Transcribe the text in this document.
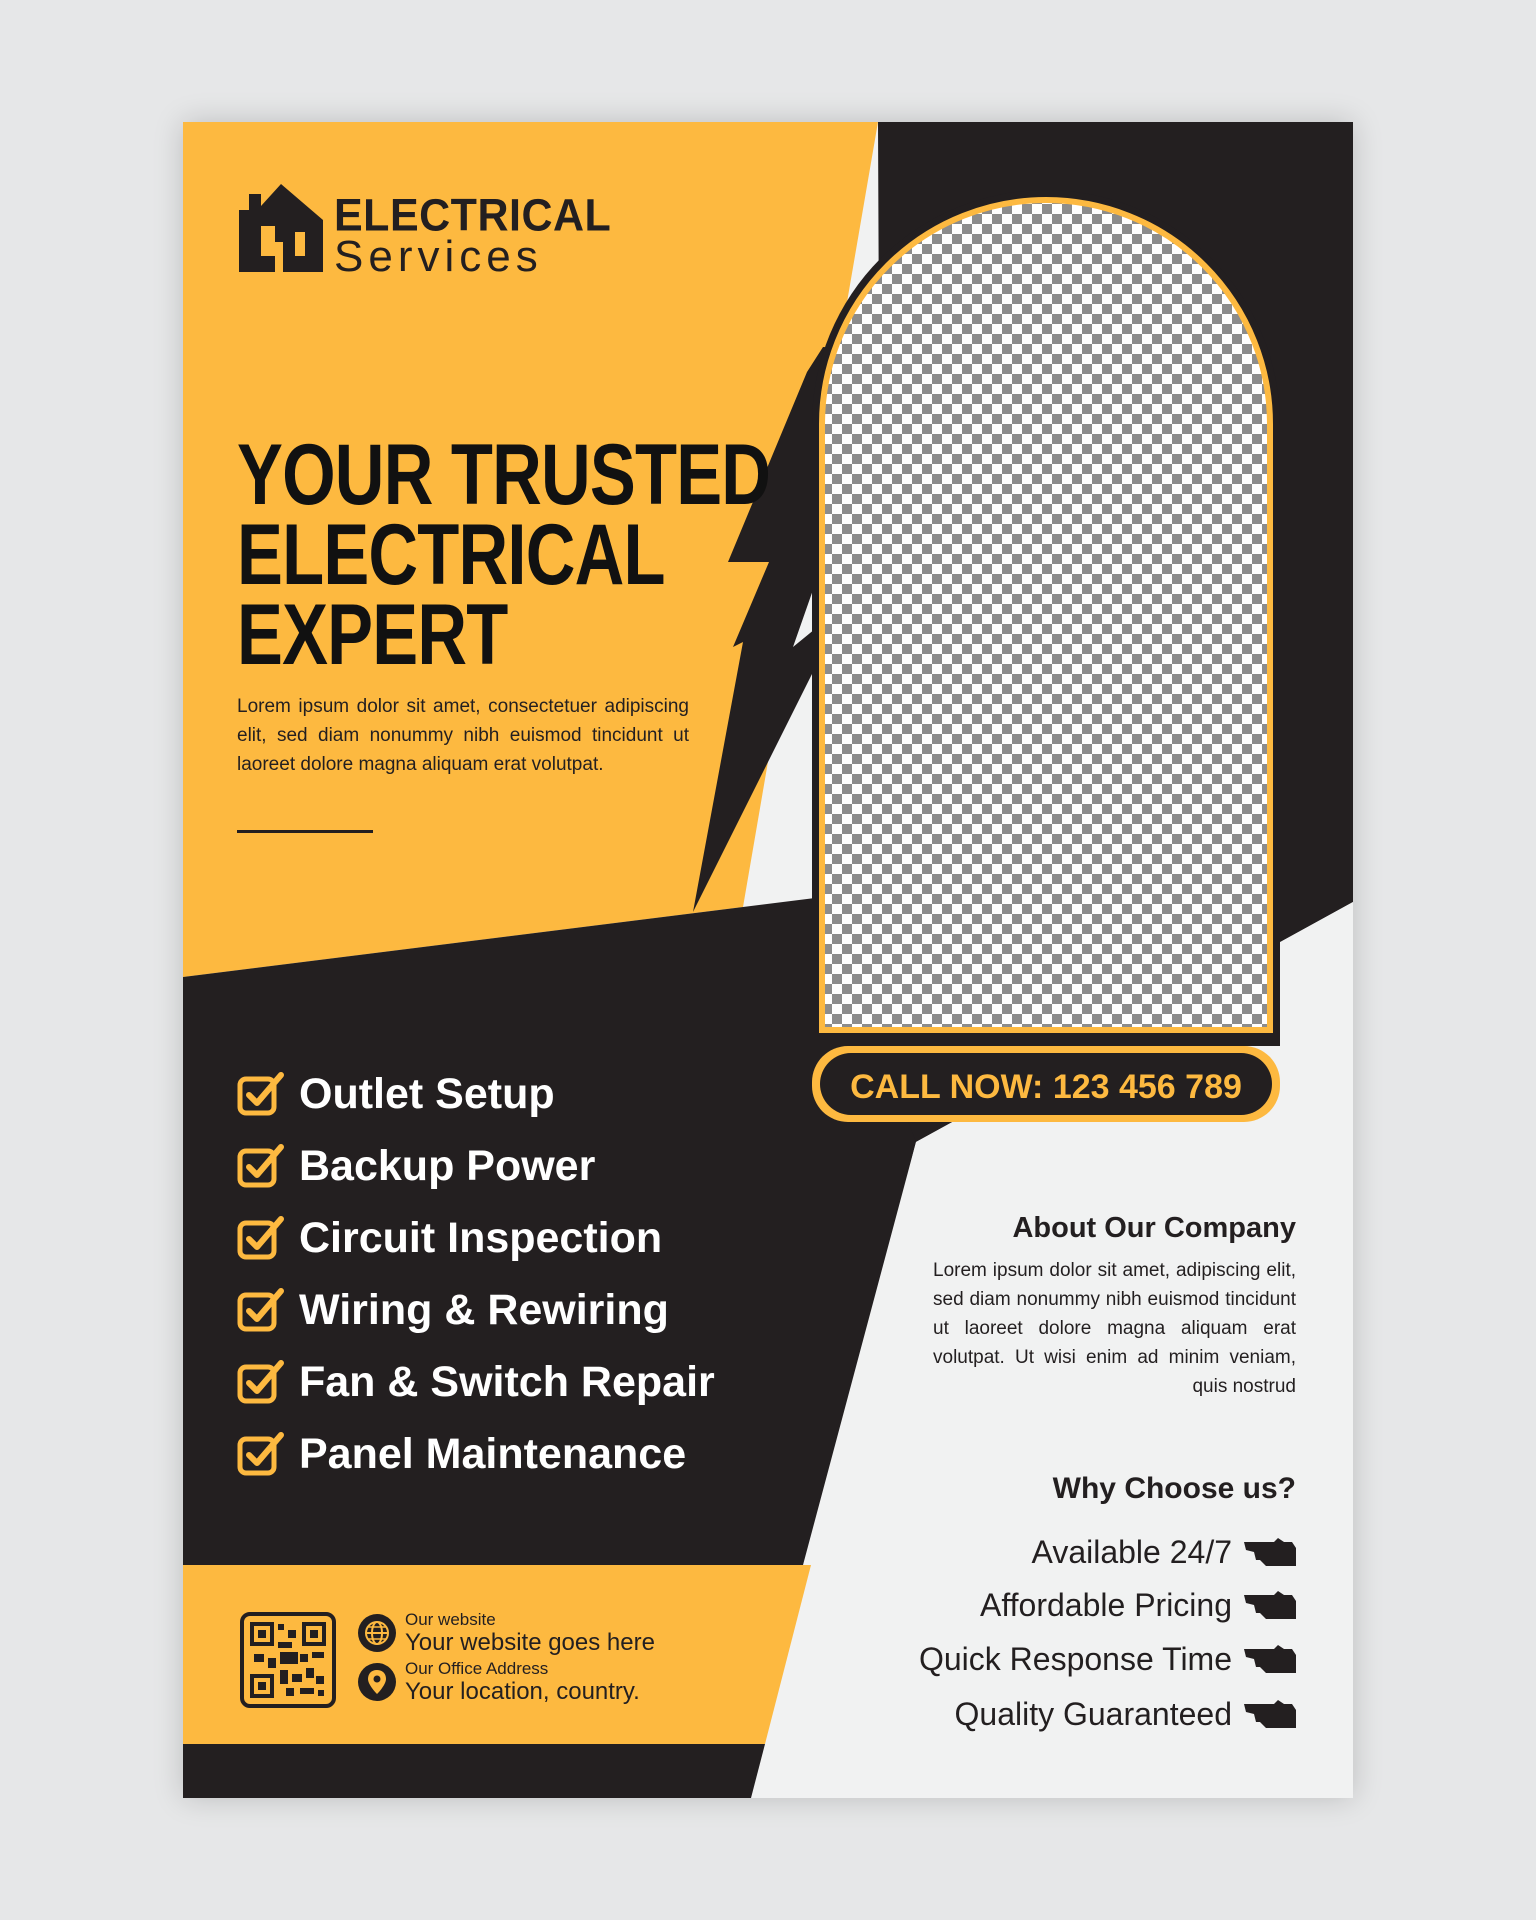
CALL NOW: 123 456 789
ELECTRICAL
Services
YOUR TRUSTED
ELECTRICAL
EXPERT
Lorem ipsum dolor sit amet, consectetuer adipiscing elit, sed diam nonummy nibh euismod tincidunt ut laoreet dolore magna aliquam erat volutpat.
Outlet Setup
Backup Power
Circuit Inspection
Wiring & Rewiring
Fan & Switch Repair
Panel Maintenance
About Our Company
Lorem ipsum dolor sit amet, adipiscing elit, sed diam nonummy nibh euismod tincidunt ut laoreet dolore magna aliquam erat volutpat. Ut wisi enim ad minim veniam, quis nostrud
Why Choose us?
Available 24/7
Affordable Pricing
Quick Response Time
Quality Guaranteed
Our website
Your website goes here
Our Office Address
Your location, country.
